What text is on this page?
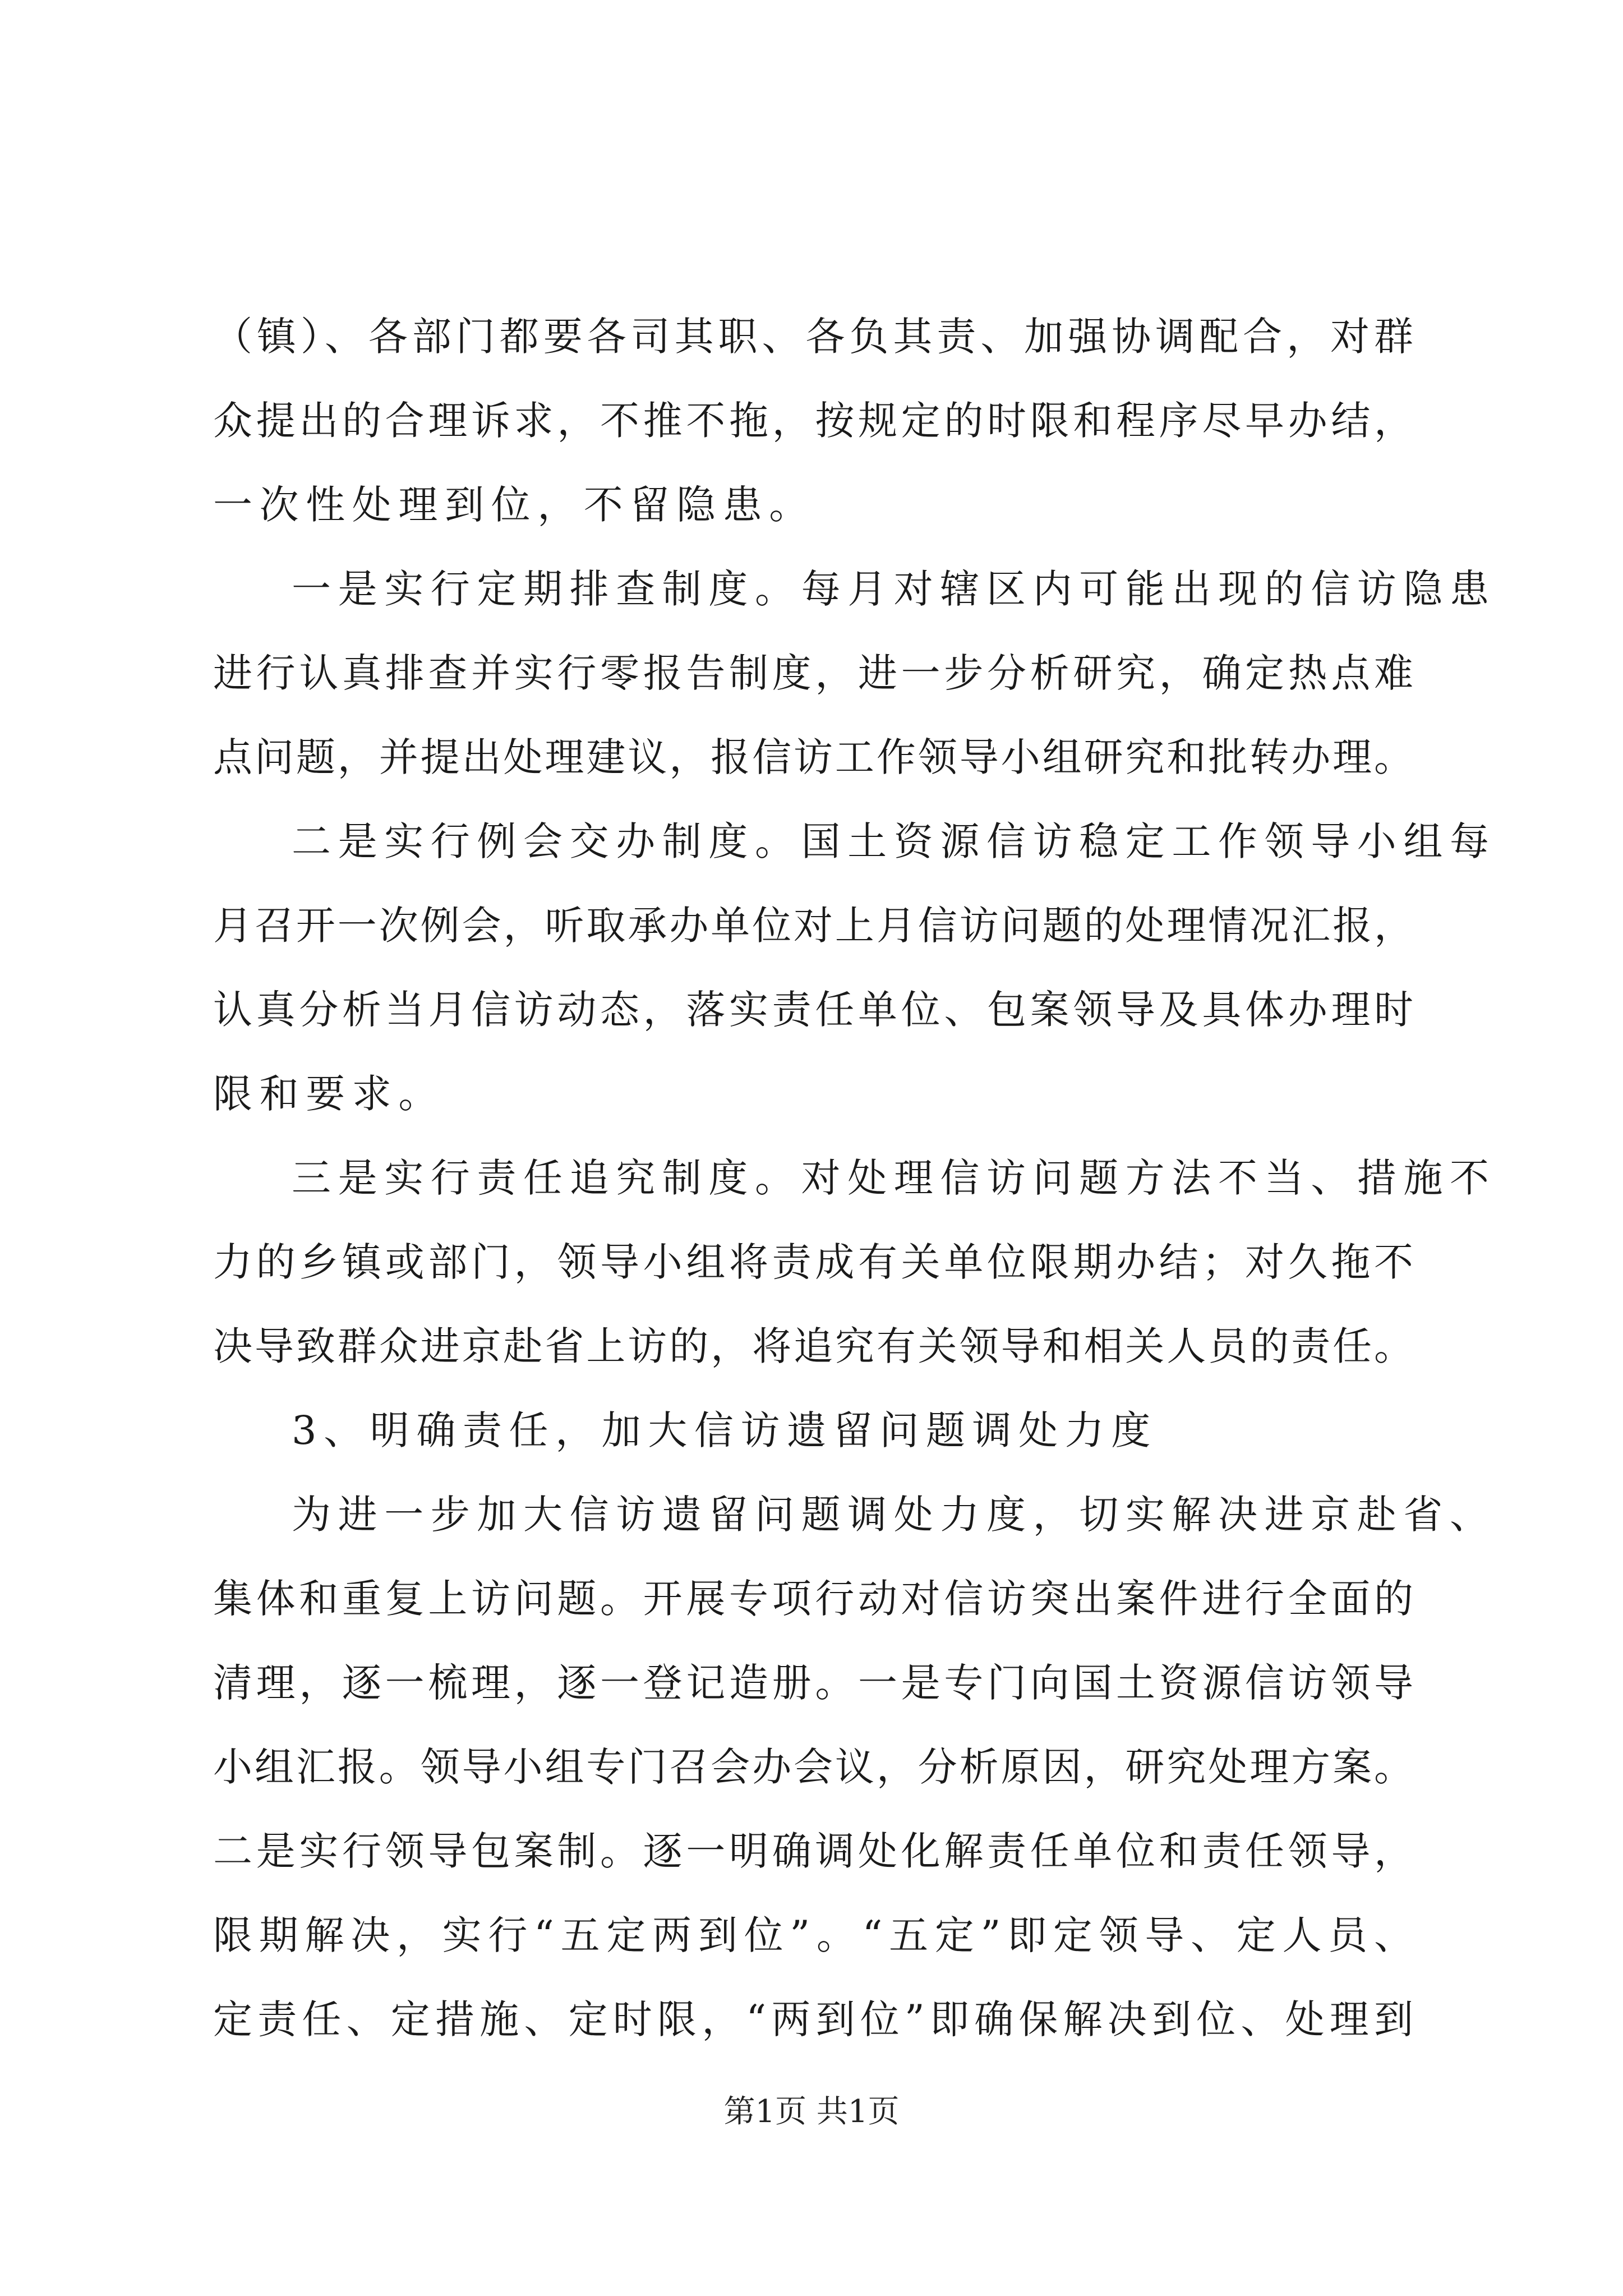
（镇）、各部门都要各司其职、各负其责、加强协调配合，对群
众提出的合理诉求，不推不拖，按规定的时限和程序尽早办结，
一次性处理到位，不留隐患。
一是实行定期排查制度。每月对辖区内可能出现的信访隐患
进行认真排查并实行零报告制度，进一步分析研究，确定热点难
点问题，并提出处理建议，报信访工作领导小组研究和批转办理。
二是实行例会交办制度。国土资源信访稳定工作领导小组每
月召开一次例会，听取承办单位对上月信访问题的处理情况汇报，
认真分析当月信访动态，落实责任单位、包案领导及具体办理时
限和要求。
三是实行责任追究制度。对处理信访问题方法不当、措施不
力的乡镇或部门，领导小组将责成有关单位限期办结；对久拖不
决导致群众进京赴省上访的，将追究有关领导和相关人员的责任。
3、明确责任，加大信访遗留问题调处力度
为进一步加大信访遗留问题调处力度，切实解决进京赴省、
集体和重复上访问题。开展专项行动对信访突出案件进行全面的
清理，逐一梳理，逐一登记造册。一是专门向国土资源信访领导
小组汇报。领导小组专门召会办会议，分析原因，研究处理方案。
二是实行领导包案制。逐一明确调处化解责任单位和责任领导，
限期解决，实行“五定两到位”。“五定”即定领导、定人员、
定责任、定措施、定时限，“两到位”即确保解决到位、处理到
第1页 共1页
